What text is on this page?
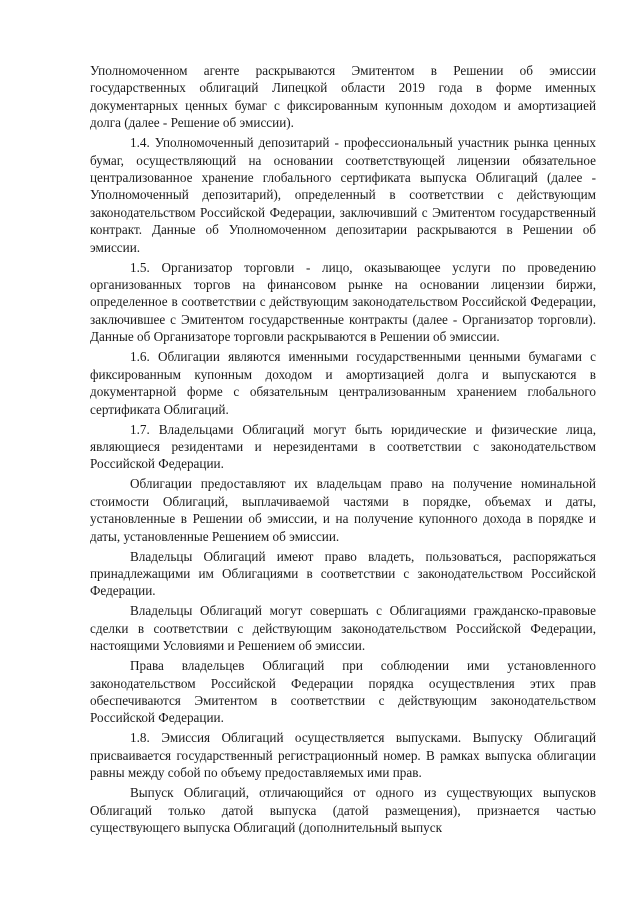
Уполномоченном агенте раскрываются Эмитентом в Решении об эмиссии государственных облигаций Липецкой области 2019 года в форме именных документарных ценных бумаг с фиксированным купонным доходом и амортизацией долга (далее - Решение об эмиссии).

1.4. Уполномоченный депозитарий - профессиональный участник рынка ценных бумаг, осуществляющий на основании соответствующей лицензии обязательное централизованное хранение глобального сертификата выпуска Облигаций (далее - Уполномоченный депозитарий), определенный в соответствии с действующим законодательством Российской Федерации, заключивший с Эмитентом государственный контракт. Данные об Уполномоченном депозитарии раскрываются в Решении об эмиссии.

1.5. Организатор торговли - лицо, оказывающее услуги по проведению организованных торгов на финансовом рынке на основании лицензии биржи, определенное в соответствии с действующим законодательством Российской Федерации, заключившее с Эмитентом государственные контракты (далее - Организатор торговли). Данные об Организаторе торговли раскрываются в Решении об эмиссии.

1.6. Облигации являются именными государственными ценными бумагами с фиксированным купонным доходом и амортизацией долга и выпускаются в документарной форме с обязательным централизованным хранением глобального сертификата Облигаций.

1.7. Владельцами Облигаций могут быть юридические и физические лица, являющиеся резидентами и нерезидентами в соответствии с законодательством Российской Федерации.

Облигации предоставляют их владельцам право на получение номинальной стоимости Облигаций, выплачиваемой частями в порядке, объемах и даты, установленные в Решении об эмиссии, и на получение купонного дохода в порядке и даты, установленные Решением об эмиссии.

Владельцы Облигаций имеют право владеть, пользоваться, распоряжаться принадлежащими им Облигациями в соответствии с законодательством Российской Федерации.

Владельцы Облигаций могут совершать с Облигациями гражданско-правовые сделки в соответствии с действующим законодательством Российской Федерации, настоящими Условиями и Решением об эмиссии.

Права владельцев Облигаций при соблюдении ими установленного законодательством Российской Федерации порядка осуществления этих прав обеспечиваются Эмитентом в соответствии с действующим законодательством Российской Федерации.

1.8. Эмиссия Облигаций осуществляется выпусками. Выпуску Облигаций присваивается государственный регистрационный номер. В рамках выпуска облигации равны между собой по объему предоставляемых ими прав.

Выпуск Облигаций, отличающийся от одного из существующих выпусков Облигаций только датой выпуска (датой размещения), признается частью существующего выпуска Облигаций (дополнительный выпуск
